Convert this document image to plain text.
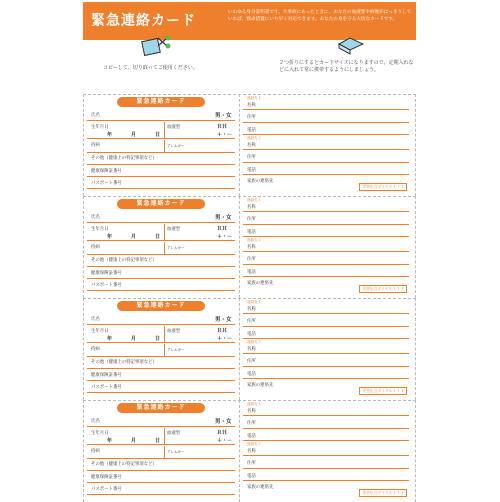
緊急連絡カード
いわゆる身分証明書です。大事故にあったときに、あなたの血液型や病歴がはっきりしていれば、救命措置にいち早く対応できます。あなたの身を守る大切なカードです。
コピーして、切り取ってご使用ください。
２つ折りにするとカードサイズになりますので、定期入れなどに入れて常に携帯するようにしましょう。
緊急連絡カード
氏名	男・女
生年月日
年	月	日
血液型	ＲＨ
＋・－
持病	アレルギー
その他（健康上の特記事項など）
健康保険証番号
パスポート番号
連絡先１
名称
住所
電話
連絡先２
名称
住所
電話
家族の連絡先
災害伝言ダイヤル１７１
緊急連絡カード
氏名	男・女
生年月日
年	月	日
血液型	ＲＨ
＋・－
持病	アレルギー
その他（健康上の特記事項など）
健康保険証番号
パスポート番号
連絡先１
名称
住所
電話
連絡先２
名称
住所
電話
家族の連絡先
災害伝言ダイヤル１７１
緊急連絡カード
氏名	男・女
生年月日
年	月	日
血液型	ＲＨ
＋・－
持病	アレルギー
その他（健康上の特記事項など）
健康保険証番号
パスポート番号
連絡先１
名称
住所
電話
連絡先２
名称
住所
電話
家族の連絡先
災害伝言ダイヤル１７１
緊急連絡カード
氏名	男・女
生年月日
年	月	日
血液型	ＲＨ
＋・－
持病	アレルギー
その他（健康上の特記事項など）
健康保険証番号
パスポート番号
連絡先１
名称
住所
電話
連絡先２
名称
住所
電話
家族の連絡先
災害伝言ダイヤル１７１
